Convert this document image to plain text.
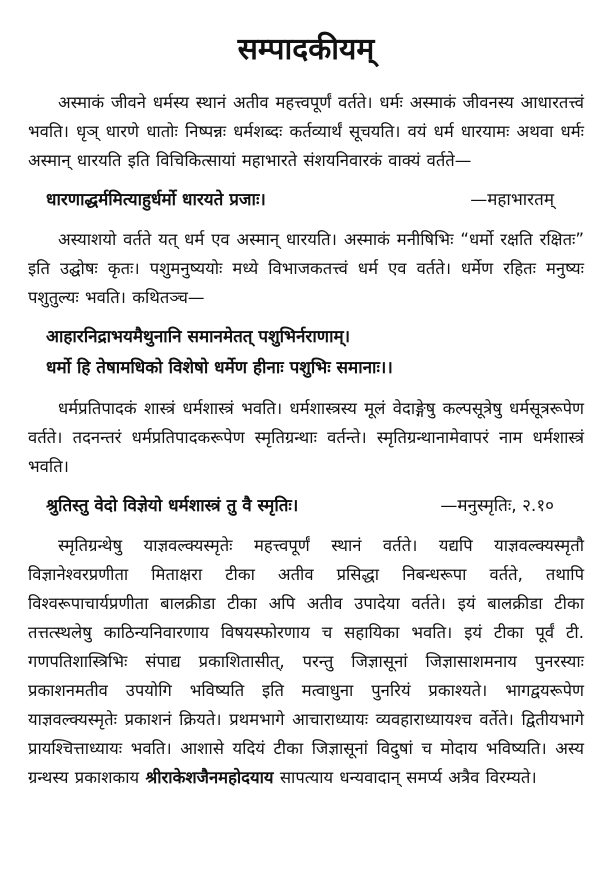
सम्पादकीयम्

अस्माकं जीवने धर्मस्य स्थानं अतीव महत्त्वपूर्णं वर्तते। धर्मः अस्माकं जीवनस्य आधारतत्त्वं भवति। धृञ् धारणे धातोः निष्पन्नः धर्मशब्दः कर्तव्यार्थं सूचयति। वयं धर्म धारयामः अथवा धर्मः अस्मान् धारयति इति विचिकित्सायां महाभारते संशयनिवारकं वाक्यं वर्तते—

धारणाद्धर्ममित्याहुर्धर्मो धारयते प्रजाः।	—महाभारतम्

अस्याशयो वर्तते यत् धर्म एव अस्मान् धारयति। अस्माकं मनीषिभिः “धर्मो रक्षति रक्षितः” इति उद्घोषः कृतः। पशुमनुष्ययोः मध्ये विभाजकतत्त्वं धर्म एव वर्तते। धर्मेण रहितः मनुष्यः पशुतुल्यः भवति। कथितञ्च—

आहारनिद्राभयमैथुनानि समानमेतत् पशुभिर्नराणाम्।
धर्मो हि तेषामधिको विशेषो धर्मेण हीनाः पशुभिः समानाः।।

धर्मप्रतिपादकं शास्त्रं धर्मशास्त्रं भवति। धर्मशास्त्रस्य मूलं वेदाङ्गेषु कल्पसूत्रेषु धर्मसूत्ररूपेण वर्तते। तदनन्तरं धर्मप्रतिपादकरूपेण स्मृतिग्रन्थाः वर्तन्ते। स्मृतिग्रन्थानामेवापरं नाम धर्मशास्त्रं भवति।

श्रुतिस्तु वेदो विज्ञेयो धर्मशास्त्रं तु वै स्मृतिः।	—मनुस्मृतिः, २.१०

स्मृतिग्रन्थेषु याज्ञवल्क्यस्मृतेः महत्त्वपूर्णं स्थानं वर्तते। यद्यपि याज्ञवल्क्यस्मृतौ विज्ञानेश्वरप्रणीता मिताक्षरा टीका अतीव प्रसिद्धा निबन्धरूपा वर्तते, तथापि विश्वरूपाचार्यप्रणीता बालक्रीडा टीका अपि अतीव उपादेया वर्तते। इयं बालक्रीडा टीका तत्तत्स्थलेषु काठिन्यनिवारणाय विषयस्फोरणाय च सहायिका भवति। इयं टीका पूर्वं टी. गणपतिशास्त्रिभिः संपाद्य प्रकाशितासीत्, परन्तु जिज्ञासूनां जिज्ञासाशमनाय पुनरस्याः प्रकाशनमतीव उपयोगि भविष्यति इति मत्वाधुना पुनरियं प्रकाश्यते। भागद्वयरूपेण याज्ञवल्क्यस्मृतेः प्रकाशनं क्रियते। प्रथमभागे आचाराध्यायः व्यवहाराध्यायश्च वर्तेते। द्वितीयभागे प्रायश्चित्ताध्यायः भवति। आशासे यदियं टीका जिज्ञासूनां विदुषां च मोदाय भविष्यति। अस्य ग्रन्थस्य प्रकाशकाय श्रीराकेशजैनमहोदयाय सापत्याय धन्यवादान् समर्प्य अत्रैव विरम्यते।
